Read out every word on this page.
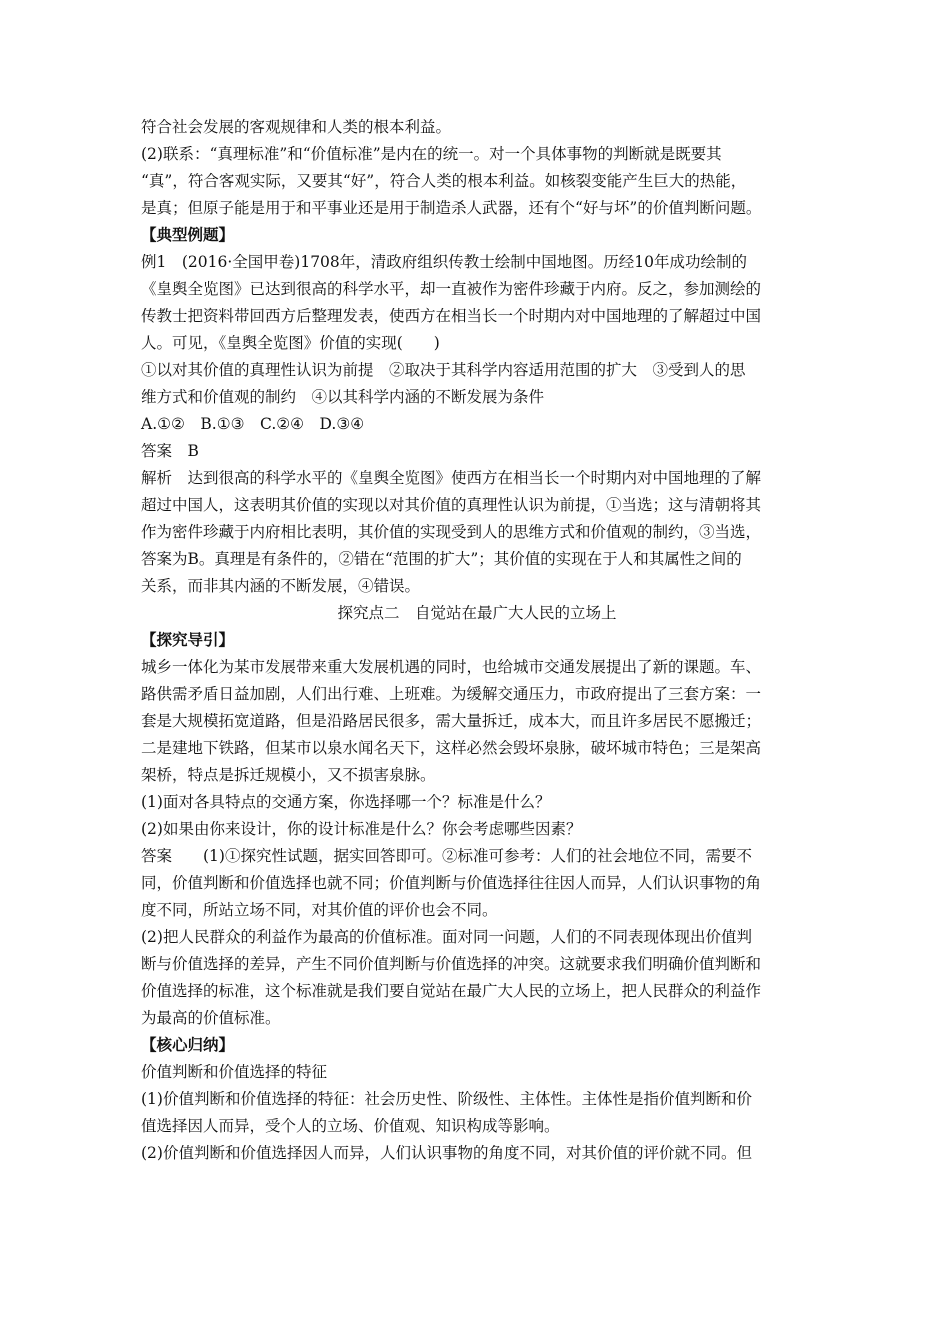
符合社会发展的客观规律和人类的根本利益。
(2)联系：“真理标准”和“价值标准”是内在的统一。对一个具体事物的判断就是既要其
“真”，符合客观实际，又要其“好”，符合人类的根本利益。如核裂变能产生巨大的热能，
是真；但原子能是用于和平事业还是用于制造杀人武器，还有个“好与坏”的价值判断问题。
【典型例题】
例1　(2016·全国甲卷)1708年，清政府组织传教士绘制中国地图。历经10年成功绘制的
《皇舆全览图》已达到很高的科学水平，却一直被作为密件珍藏于内府。反之，参加测绘的
传教士把资料带回西方后整理发表，使西方在相当长一个时期内对中国地理的了解超过中国
人。可见，《皇舆全览图》价值的实现(　　)
①以对其价值的真理性认识为前提　②取决于其科学内容适用范围的扩大　③受到人的思
维方式和价值观的制约　④以其科学内涵的不断发展为条件
A.①②　B.①③　C.②④　D.③④
答案　B
解析　达到很高的科学水平的《皇舆全览图》使西方在相当长一个时期内对中国地理的了解
超过中国人，这表明其价值的实现以对其价值的真理性认识为前提，①当选；这与清朝将其
作为密件珍藏于内府相比表明，其价值的实现受到人的思维方式和价值观的制约，③当选，
答案为B。真理是有条件的，②错在“范围的扩大”；其价值的实现在于人和其属性之间的
关系，而非其内涵的不断发展，④错误。
探究点二　自觉站在最广大人民的立场上
【探究导引】
城乡一体化为某市发展带来重大发展机遇的同时，也给城市交通发展提出了新的课题。车、
路供需矛盾日益加剧，人们出行难、上班难。为缓解交通压力，市政府提出了三套方案：一
套是大规模拓宽道路，但是沿路居民很多，需大量拆迁，成本大，而且许多居民不愿搬迁；
二是建地下铁路，但某市以泉水闻名天下，这样必然会毁坏泉脉，破坏城市特色；三是架高
架桥，特点是拆迁规模小，又不损害泉脉。
(1)面对各具特点的交通方案，你选择哪一个？标准是什么？
(2)如果由你来设计，你的设计标准是什么？你会考虑哪些因素？
答案　　(1)①探究性试题，据实回答即可。②标准可参考：人们的社会地位不同，需要不
同，价值判断和价值选择也就不同；价值判断与价值选择往往因人而异，人们认识事物的角
度不同，所站立场不同，对其价值的评价也会不同。
(2)把人民群众的利益作为最高的价值标准。面对同一问题，人们的不同表现体现出价值判
断与价值选择的差异，产生不同价值判断与价值选择的冲突。这就要求我们明确价值判断和
价值选择的标准，这个标准就是我们要自觉站在最广大人民的立场上，把人民群众的利益作
为最高的价值标准。
【核心归纳】
价值判断和价值选择的特征
(1)价值判断和价值选择的特征：社会历史性、阶级性、主体性。主体性是指价值判断和价
值选择因人而异，受个人的立场、价值观、知识构成等影响。
(2)价值判断和价值选择因人而异，人们认识事物的角度不同，对其价值的评价就不同。但
